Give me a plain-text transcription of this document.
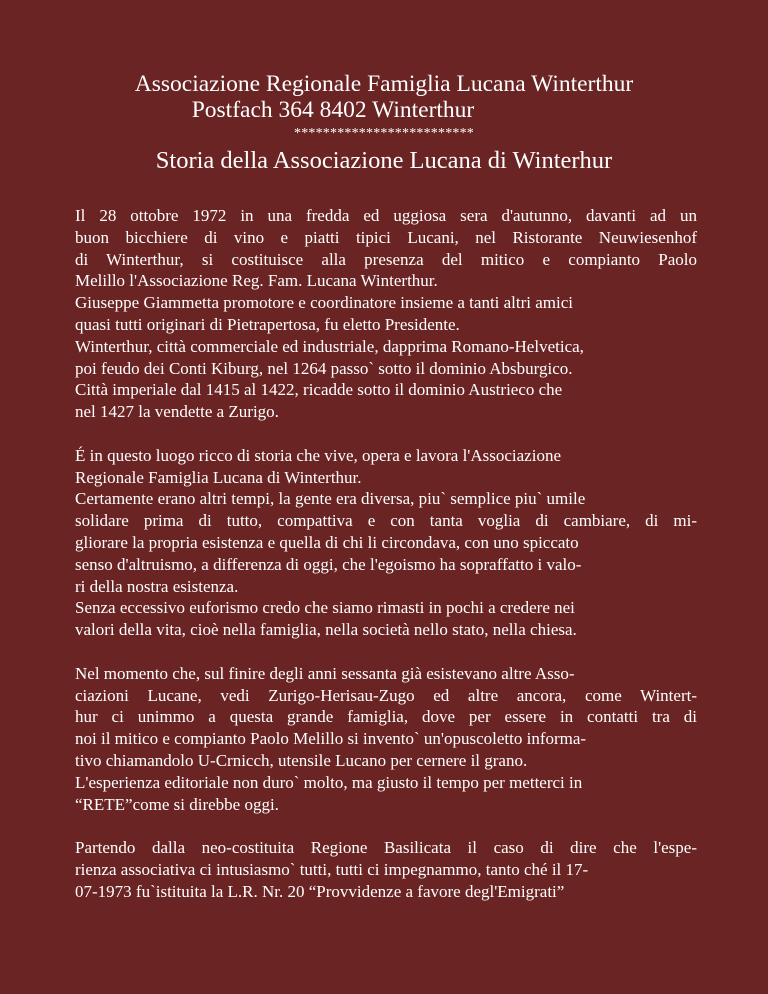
Associazione Regionale Famiglia Lucana Winterthur
Postfach 364 8402 Winterthur
*************************
Storia della Associazione Lucana di Winterhur

Il 28 ottobre 1972 in una fredda ed uggiosa sera d'autunno, davanti ad un
buon bicchiere di vino e piatti tipici Lucani, nel Ristorante Neuwiesenhof
di Winterthur, si costituisce alla presenza del mitico e compianto Paolo
Melillo l'Associazione Reg. Fam. Lucana Winterthur.
Giuseppe Giammetta promotore e coordinatore insieme a tanti altri amici
quasi tutti originari di Pietrapertosa, fu eletto Presidente.
Winterthur, città commerciale ed industriale, dapprima Romano-Helvetica,
poi feudo dei Conti Kiburg, nel 1264 passo` sotto il dominio Absburgico.
Città imperiale dal 1415 al 1422, ricadde sotto il dominio Austrieco che
nel 1427 la vendette a Zurigo.

É in questo luogo ricco di storia che vive, opera e lavora l'Associazione
Regionale Famiglia Lucana di Winterthur.
Certamente erano altri tempi, la gente era diversa, piu` semplice piu` umile
solidare prima di tutto, compattiva e con tanta voglia di cambiare, di mi-
gliorare la propria esistenza e quella di chi li circondava, con uno spiccato
senso d'altruismo, a differenza di oggi, che l'egoismo ha sopraffatto i valo-
ri della nostra esistenza.
Senza eccessivo euforismo credo che siamo rimasti in pochi a credere nei
valori della vita, cioè nella famiglia, nella società nello stato, nella chiesa.

Nel momento che, sul finire degli anni sessanta già esistevano altre Asso-
ciazioni Lucane, vedi Zurigo-Herisau-Zugo ed altre ancora, come Wintert-
hur ci unimmo a questa grande famiglia, dove per essere in contatti tra di
noi il mitico e compianto Paolo Melillo si invento` un'opuscoletto informa-
tivo chiamandolo U-Crnicch, utensile Lucano per cernere il grano.
L'esperienza editoriale non duro` molto, ma giusto il tempo per metterci in
“RETE”come si direbbe oggi.

Partendo dalla neo-costituita Regione Basilicata il caso di dire che l'espe-
rienza associativa ci intusiasmo` tutti, tutti ci impegnammo, tanto ché il 17-
07-1973 fu`istituita la L.R. Nr. 20 “Provvidenze a favore degl'Emigrati”
